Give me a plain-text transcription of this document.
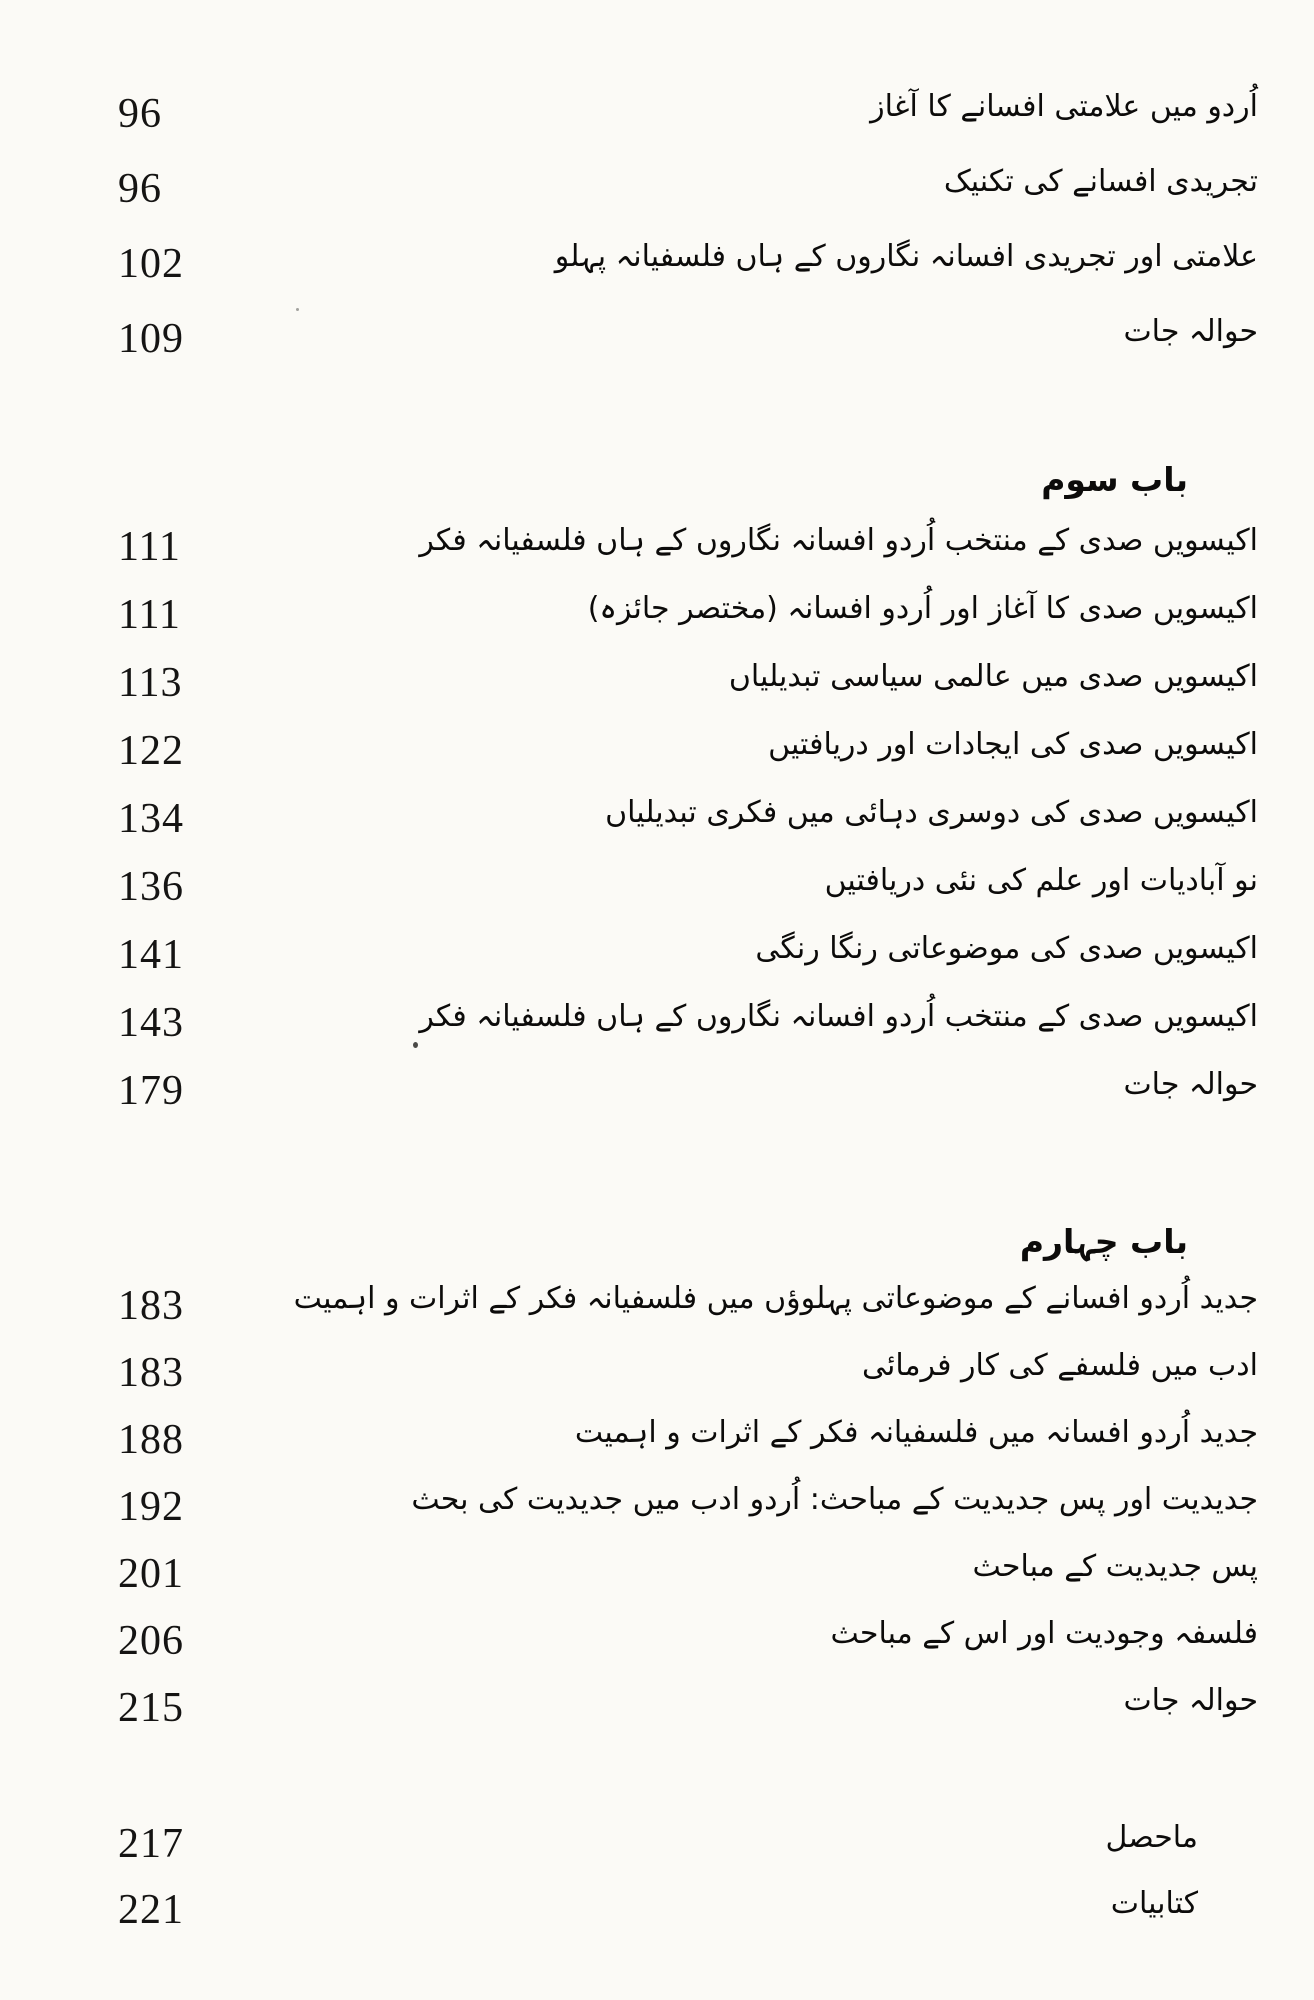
96	اُردو میں علامتی افسانے کا آغاز
96	تجریدی افسانے کی تکنیک
102	علامتی اور تجریدی افسانہ نگاروں کے ہاں فلسفیانہ پہلو
109	حوالہ جات
باب سوم
111	اکیسویں صدی کے منتخب اُردو افسانہ نگاروں کے ہاں فلسفیانہ فکر
111	اکیسویں صدی کا آغاز اور اُردو افسانہ (مختصر جائزہ)
113	اکیسویں صدی میں عالمی سیاسی تبدیلیاں
122	اکیسویں صدی کی ایجادات اور دریافتیں
134	اکیسویں صدی کی دوسری دہائی میں فکری تبدیلیاں
136	نو آبادیات اور علم کی نئی دریافتیں
141	اکیسویں صدی کی موضوعاتی رنگا رنگی
143	اکیسویں صدی کے منتخب اُردو افسانہ نگاروں کے ہاں فلسفیانہ فکر
179	حوالہ جات
باب چہارم
183	جدید اُردو افسانے کے موضوعاتی پہلوؤں میں فلسفیانہ فکر کے اثرات و اہمیت
183	ادب میں فلسفے کی کار فرمائی
188	جدید اُردو افسانہ میں فلسفیانہ فکر کے اثرات و اہمیت
192	جدیدیت اور پس جدیدیت کے مباحث: اُردو ادب میں جدیدیت کی بحث
201	پس جدیدیت کے مباحث
206	فلسفہ وجودیت اور اس کے مباحث
215	حوالہ جات
217	ماحصل
221	کتابیات
